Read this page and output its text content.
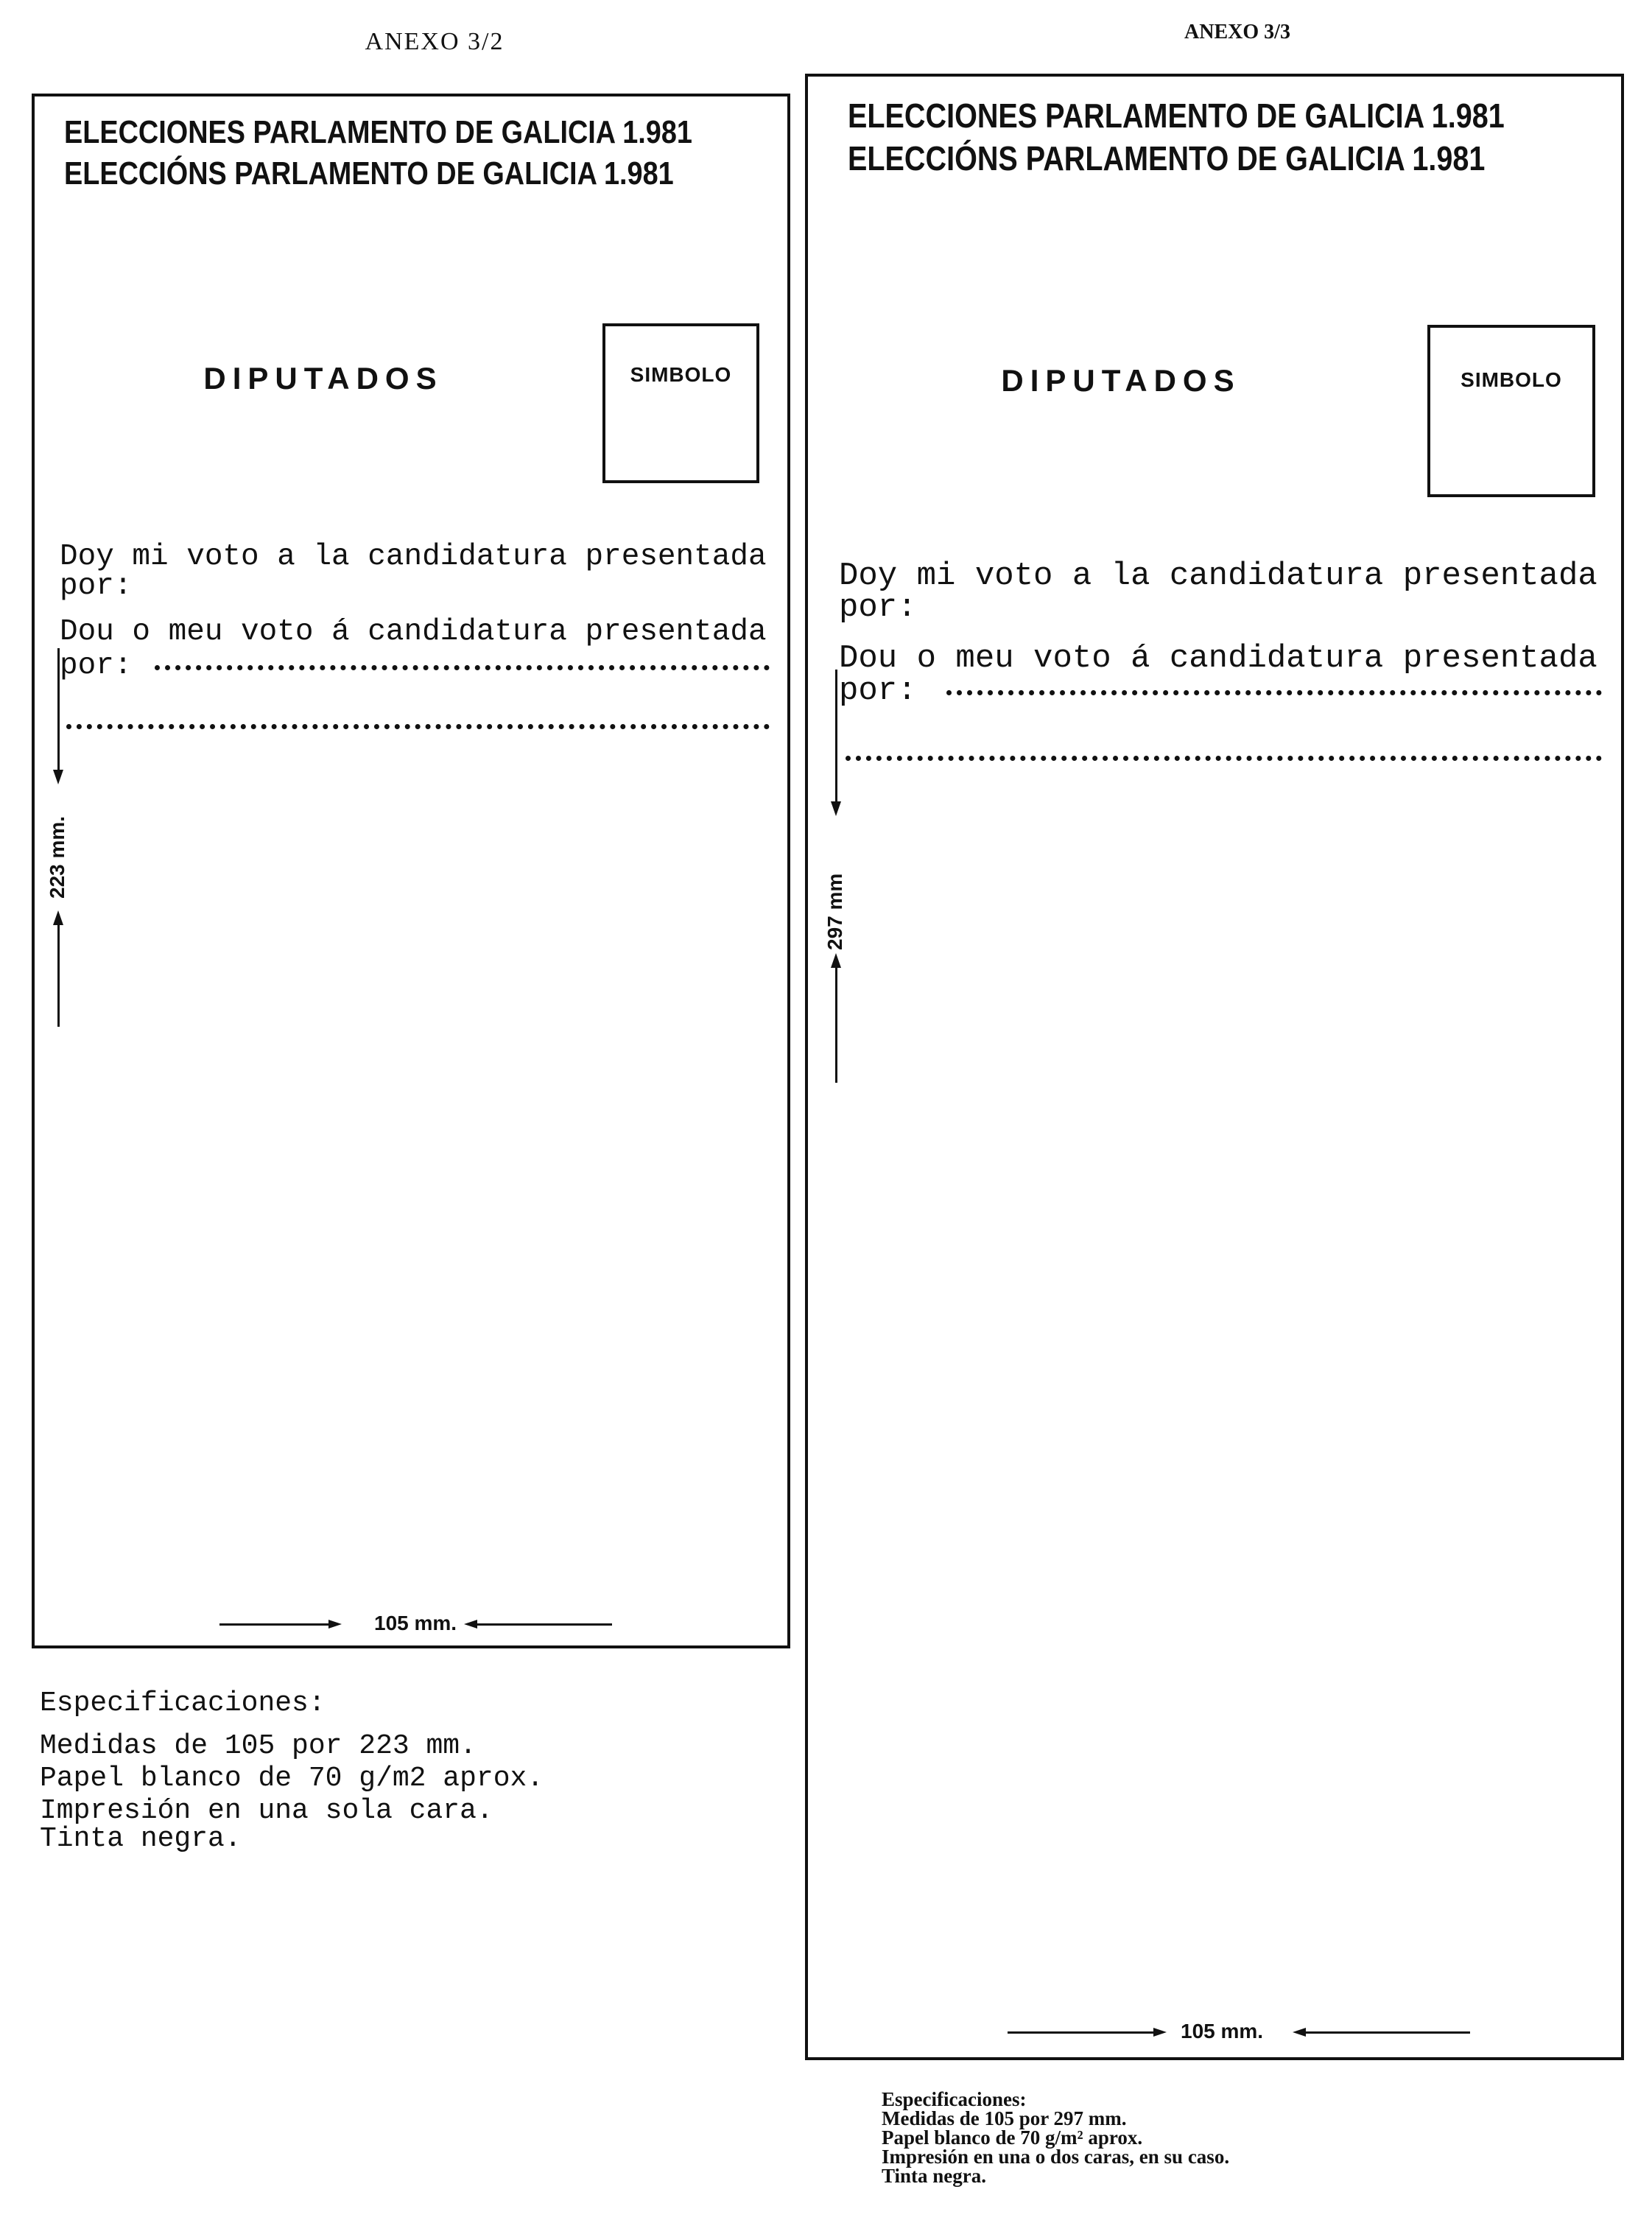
ANEXO 3/2
ELECCIONES PARLAMENTO DE GALICIA 1.981
ELECCIÓNS PARLAMENTO DE GALICIA 1.981
DIPUTADOS	SIMBOLO
Doy mi voto a la candidatura presentada
por:
Dou o meu voto á candidatura presentada
por:
223 mm.
105 mm.
Especificaciones:
Medidas de 105 por 223 mm.
Papel blanco de 70 g/m2 aprox.
Impresión en una sola cara.
Tinta negra.
ANEXO 3/3
ELECCIONES PARLAMENTO DE GALICIA 1.981
ELECCIÓNS PARLAMENTO DE GALICIA 1.981
DIPUTADOS	SIMBOLO
Doy mi voto a la candidatura presentada
por:
Dou o meu voto á candidatura presentada
por:
297 mm
105 mm.
Especificaciones:
Medidas de 105 por 297 mm.
Papel blanco de 70 g/m² aprox.
Impresión en una o dos caras, en su caso.
Tinta negra.
